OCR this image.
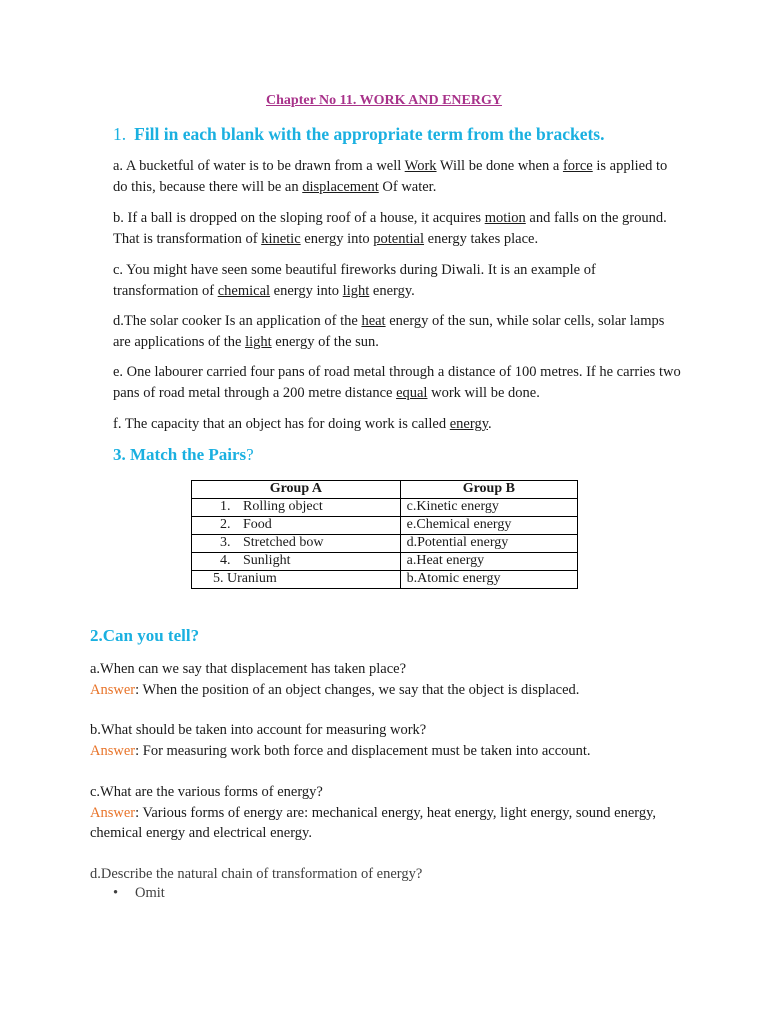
Chapter No 11. WORK AND ENERGY
1. Fill in each blank with the appropriate term from the brackets.
a. A bucketful of water is to be drawn from a well Work Will be done when a force is applied to do this, because there will be an displacement Of water.
b. If a ball is dropped on the sloping roof of a house, it acquires motion and falls on the ground. That is transformation of kinetic energy into potential energy takes place.
c. You might have seen some beautiful fireworks during Diwali. It is an example of transformation of chemical energy into light energy.
d.The solar cooker Is an application of the heat energy of the sun, while solar cells, solar lamps are applications of the light energy of the sun.
e. One labourer carried four pans of road metal through a distance of 100 metres. If he carries two pans of road metal through a 200 metre distance equal work will be done.
f. The capacity that an object has for doing work is called energy.
3. Match the Pairs?
Group A	Group B

1. Rolling object	c.Kinetic energy

2. Food	e.Chemical energy

3. Stretched bow	d.Potential energy

4. Sunlight	a.Heat energy
5. Uranium	b.Atomic energy
2.Can you tell?
a.When can we say that displacement has taken place?
Answer: When the position of an object changes, we say that the object is displaced.
b.What should be taken into account for measuring work?
Answer: For measuring work both force and displacement must be taken into account.
c.What are the various forms of energy?
Answer: Various forms of energy are: mechanical energy, heat energy, light energy, sound energy, chemical energy and electrical energy.
d.Describe the natural chain of transformation of energy?
• Omit
